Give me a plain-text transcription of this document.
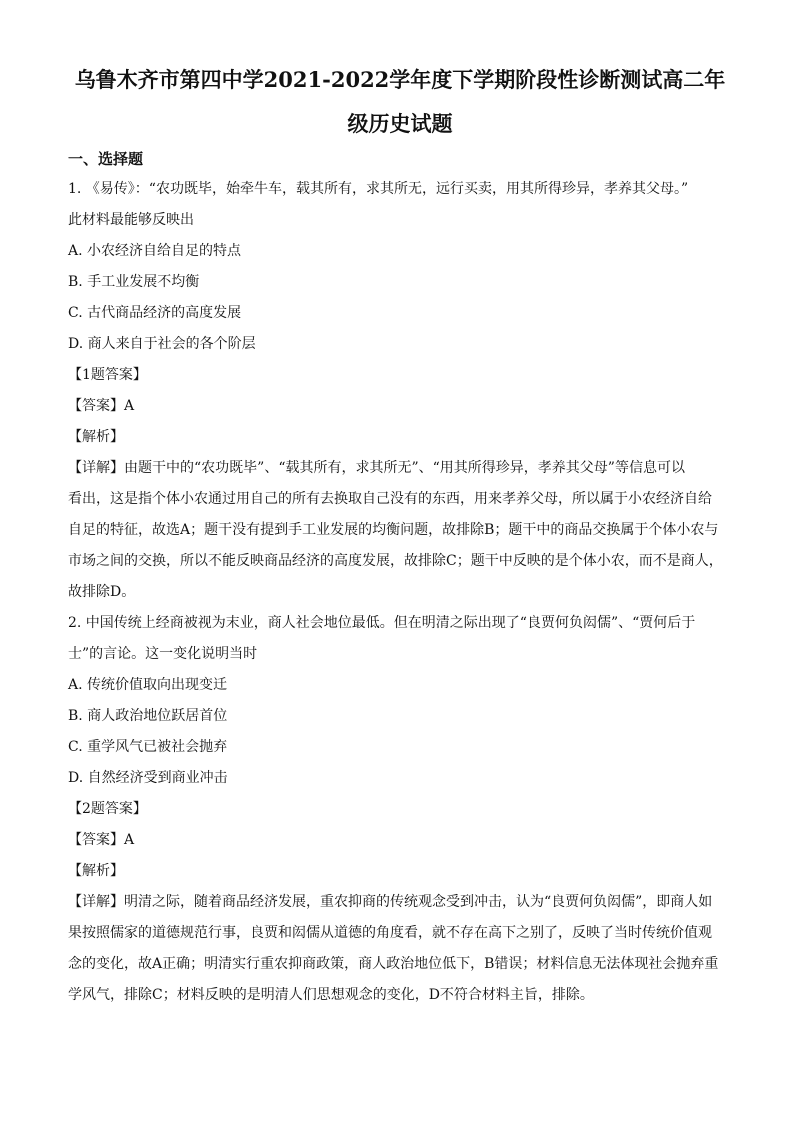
乌鲁木齐市第四中学2021-2022学年度下学期阶段性诊断测试高二年
级历史试题
一、选择题

1. 《易传》：“农功既毕，始牵牛车，载其所有，求其所无，远行买卖，用其所得珍异，孝养其父母。”

此材料最能够反映出

A. 小农经济自给自足的特点

B. 手工业发展不均衡

C. 古代商品经济的高度发展

D. 商人来自于社会的各个阶层

【1题答案】

【答案】A

【解析】

【详解】由题干中的“农功既毕”、“载其所有，求其所无”、“用其所得珍异，孝养其父母”等信息可以

看出，这是指个体小农通过用自己的所有去换取自己没有的东西，用来孝养父母，所以属于小农经济自给

自足的特征，故选A；题干没有提到手工业发展的均衡问题，故排除B；题干中的商品交换属于个体小农与

市场之间的交换，所以不能反映商品经济的高度发展，故排除C；题干中反映的是个体小农，而不是商人，

故排除D。

2. 中国传统上经商被视为末业，商人社会地位最低。但在明清之际出现了“良贾何负闳儒”、“贾何后于

士”的言论。这一变化说明当时

A. 传统价值取向出现变迁

B. 商人政治地位跃居首位

C. 重学风气已被社会抛弃

D. 自然经济受到商业冲击

【2题答案】

【答案】A

【解析】

【详解】明清之际，随着商品经济发展，重农抑商的传统观念受到冲击，认为“良贾何负闳儒”，即商人如

果按照儒家的道德规范行事，良贾和闳儒从道德的角度看，就不存在高下之别了，反映了当时传统价值观

念的变化，故A正确；明清实行重农抑商政策，商人政治地位低下，B错误；材料信息无法体现社会抛弃重

学风气，排除C；材料反映的是明清人们思想观念的变化，D不符合材料主旨，排除。
